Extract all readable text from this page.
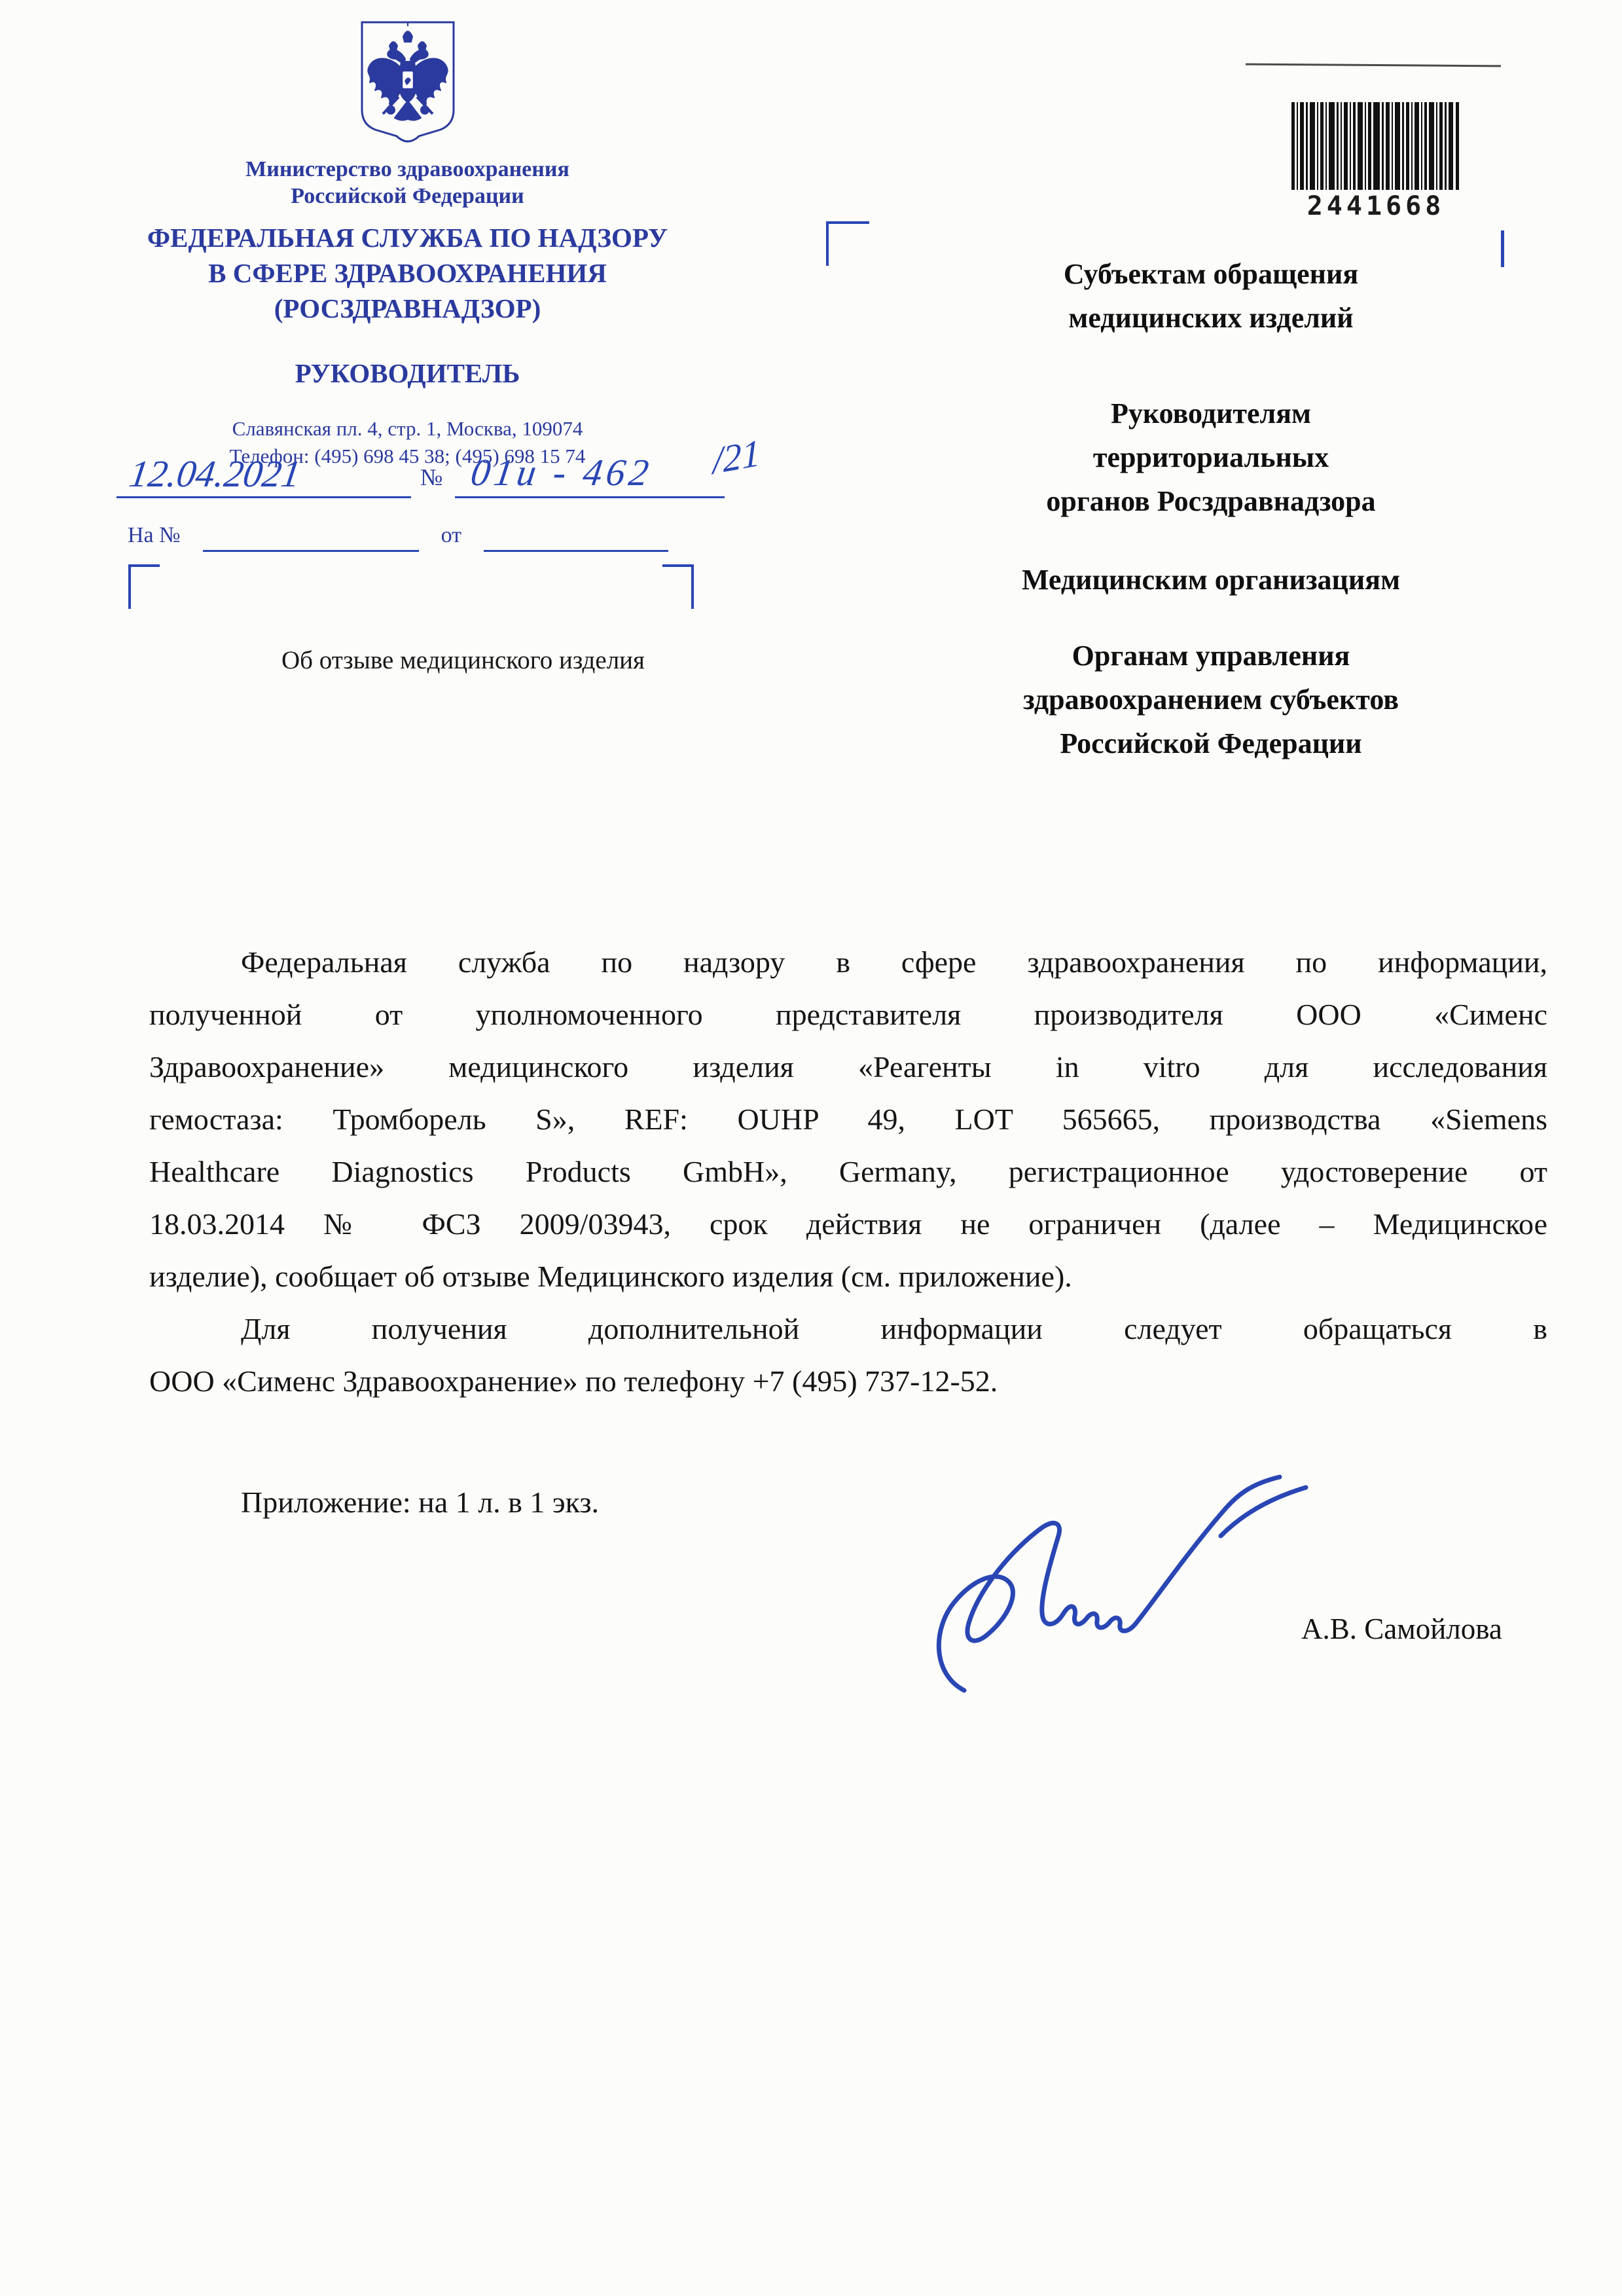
Министерство здравоохранения
Российской Федерации
ФЕДЕРАЛЬНАЯ СЛУЖБА ПО НАДЗОРУ
В СФЕРЕ ЗДРАВООХРАНЕНИЯ
(РОСЗДРАВНАДЗОР)
РУКОВОДИТЕЛЬ
Славянская пл. 4, стр. 1, Москва, 109074
Телефон: (495) 698 45 38; (495) 698 15 74
12.04.2021	№ 01и - 462 /21
На №	от
2441668
Об отзыве медицинского изделия

Субъектам обращения
медицинских изделий

Руководителям
территориальных
органов Росздравнадзора

Медицинским организациям

Органам управления
здравоохранением субъектов
Российской Федерации

Федеральная служба по надзору в сфере здравоохранения по информации,
полученной от уполномоченного представителя производителя ООО «Сименс
Здравоохранение» медицинского изделия «Реагенты in vitro для исследования
гемостаза: Тромборель S», REF: OUHP 49, LOT 565665, производства «Siemens
Healthcare Diagnostics Products GmbH», Germany, регистрационное удостоверение от
18.03.2014 № ФСЗ 2009/03943, срок действия не ограничен (далее – Медицинское
изделие), сообщает об отзыве Медицинского изделия (см. приложение).
Для получения дополнительной информации следует обращаться в
ООО «Сименс Здравоохранение» по телефону +7 (495) 737-12-52.
Приложение: на 1 л. в 1 экз.
А.В. Самойлова
